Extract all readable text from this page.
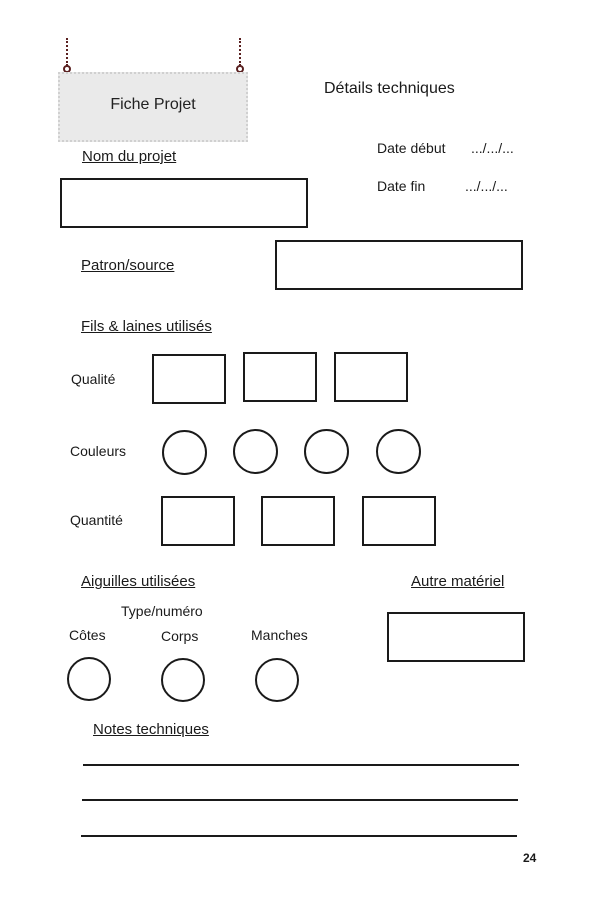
Fiche Projet
Détails techniques
Date début .../.../...
Date fin	.../.../...
Nom du projet
Patron/source
Fils & laines utilisés
Qualité
Couleurs
Quantité
Aiguilles utilisées
Type/numéro
Côtes	Corps	Manches
Autre matériel
Notes techniques
24
